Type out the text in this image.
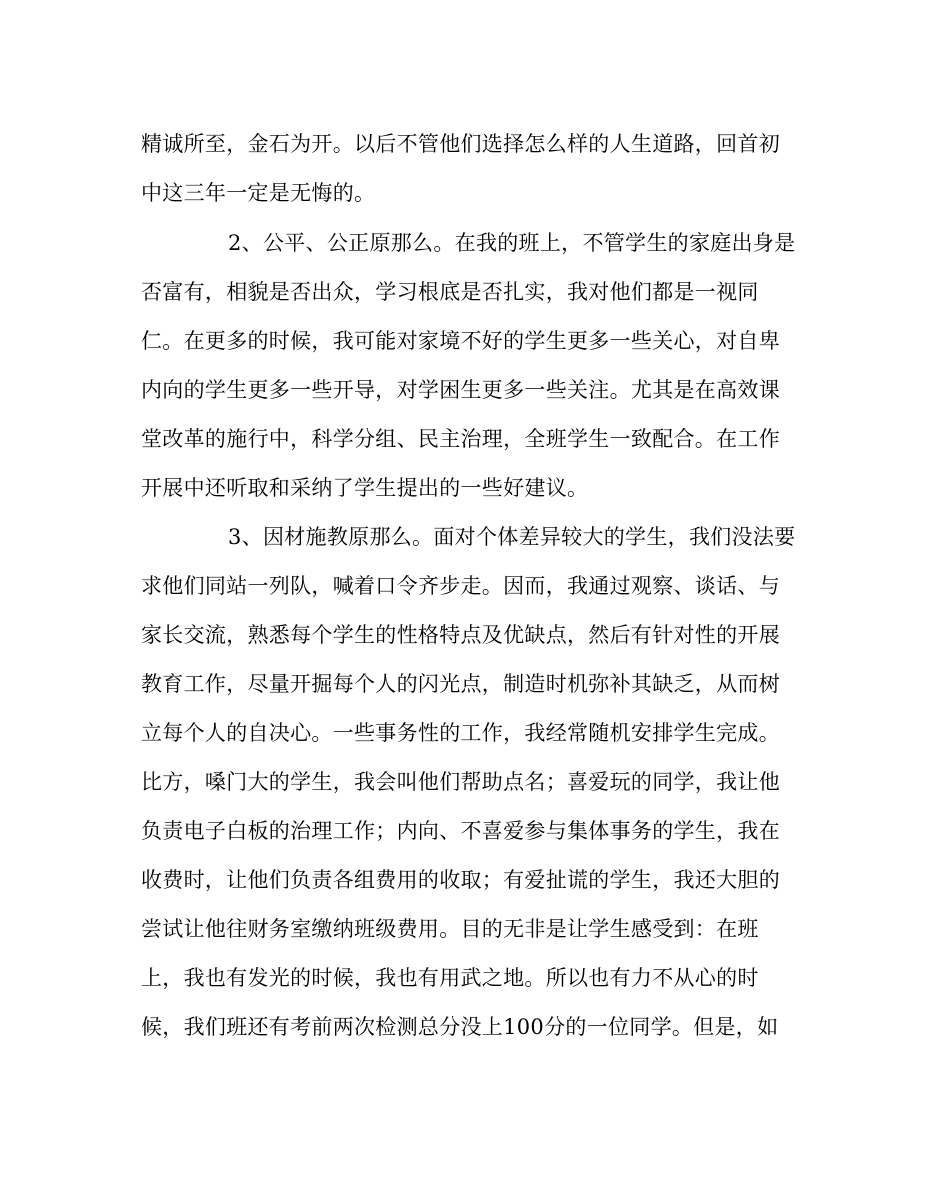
精诚所至，金石为开。以后不管他们选择怎么样的人生道路，回首初
中这三年一定是无悔的。
2、公平、公正原那么。在我的班上，不管学生的家庭出身是
否富有，相貌是否出众，学习根底是否扎实，我对他们都是一视同
仁。在更多的时候，我可能对家境不好的学生更多一些关心，对自卑
内向的学生更多一些开导，对学困生更多一些关注。尤其是在高效课
堂改革的施行中，科学分组、民主治理，全班学生一致配合。在工作
开展中还听取和采纳了学生提出的一些好建议。
3、因材施教原那么。面对个体差异较大的学生，我们没法要
求他们同站一列队，喊着口令齐步走。因而，我通过观察、谈话、与
家长交流，熟悉每个学生的性格特点及优缺点，然后有针对性的开展
教育工作，尽量开掘每个人的闪光点，制造时机弥补其缺乏，从而树
立每个人的自决心。一些事务性的工作，我经常随机安排学生完成。
比方，嗓门大的学生，我会叫他们帮助点名；喜爱玩的同学，我让他
负责电子白板的治理工作；内向、不喜爱参与集体事务的学生，我在
收费时，让他们负责各组费用的收取；有爱扯谎的学生，我还大胆的
尝试让他往财务室缴纳班级费用。目的无非是让学生感受到：在班
上，我也有发光的时候，我也有用武之地。所以也有力不从心的时
候，我们班还有考前两次检测总分没上100分的一位同学。但是，如
